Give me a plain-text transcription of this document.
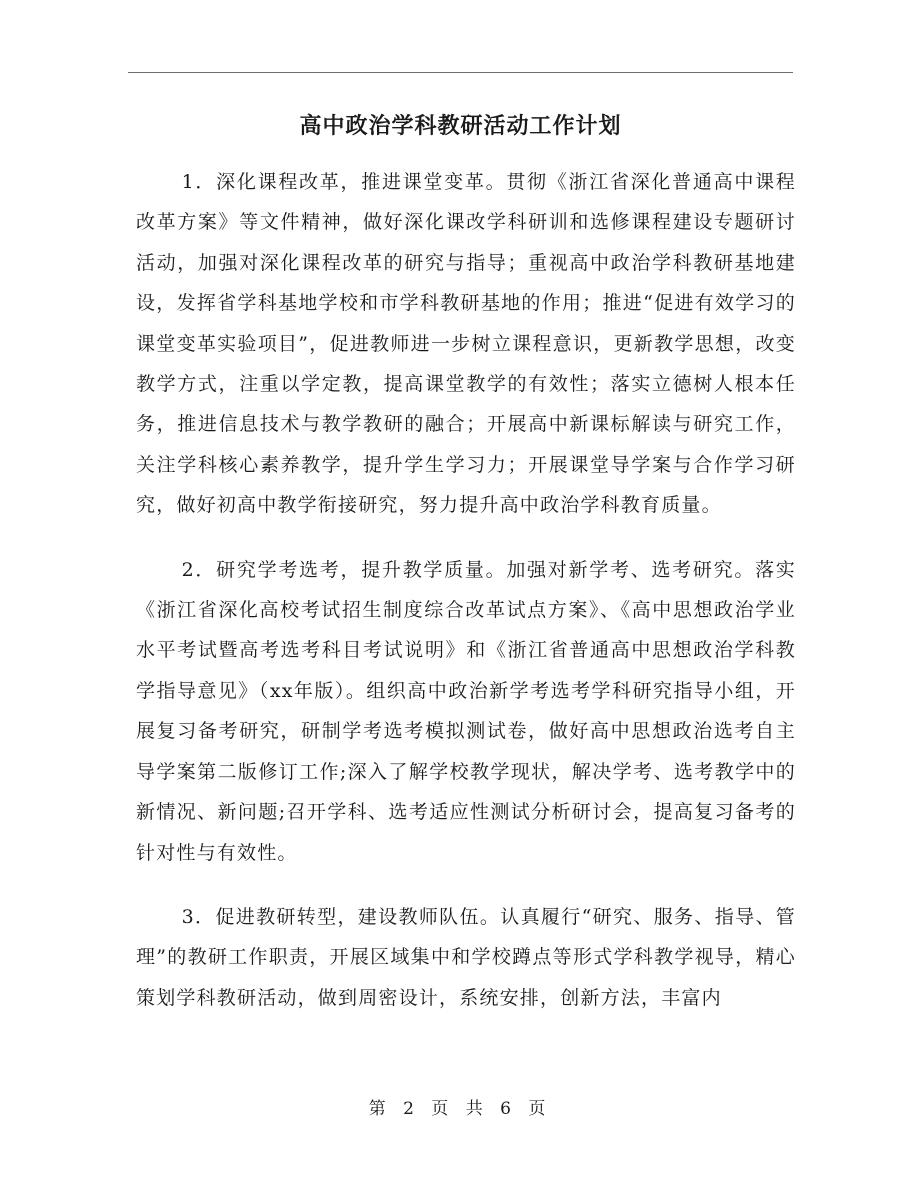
高中政治学科教研活动工作计划

1．深化课程改革，推进课堂变革。贯彻《浙江省深化普通高中课程改革方案》等文件精神，做好深化课改学科研训和选修课程建设专题研讨活动，加强对深化课程改革的研究与指导；重视高中政治学科教研基地建设，发挥省学科基地学校和市学科教研基地的作用；推进“促进有效学习的课堂变革实验项目”，促进教师进一步树立课程意识，更新教学思想，改变教学方式，注重以学定教，提高课堂教学的有效性；落实立德树人根本任务，推进信息技术与教学教研的融合；开展高中新课标解读与研究工作，关注学科核心素养教学，提升学生学习力；开展课堂导学案与合作学习研究，做好初高中教学衔接研究，努力提升高中政治学科教育质量。

2．研究学考选考，提升教学质量。加强对新学考、选考研究。落实《浙江省深化高校考试招生制度综合改革试点方案》、《高中思想政治学业水平考试暨高考选考科目考试说明》和《浙江省普通高中思想政治学科教学指导意见》（xx年版）。组织高中政治新学考选考学科研究指导小组，开展复习备考研究，研制学考选考模拟测试卷，做好高中思想政治选考自主导学案第二版修订工作;深入了解学校教学现状，解决学考、选考教学中的新情况、新问题;召开学科、选考适应性测试分析研讨会，提高复习备考的针对性与有效性。

3．促进教研转型，建设教师队伍。认真履行“研究、服务、指导、管理”的教研工作职责，开展区域集中和学校蹲点等形式学科教学视导，精心策划学科教研活动，做到周密设计，系统安排，创新方法，丰富内

第 2 页 共 6 页
